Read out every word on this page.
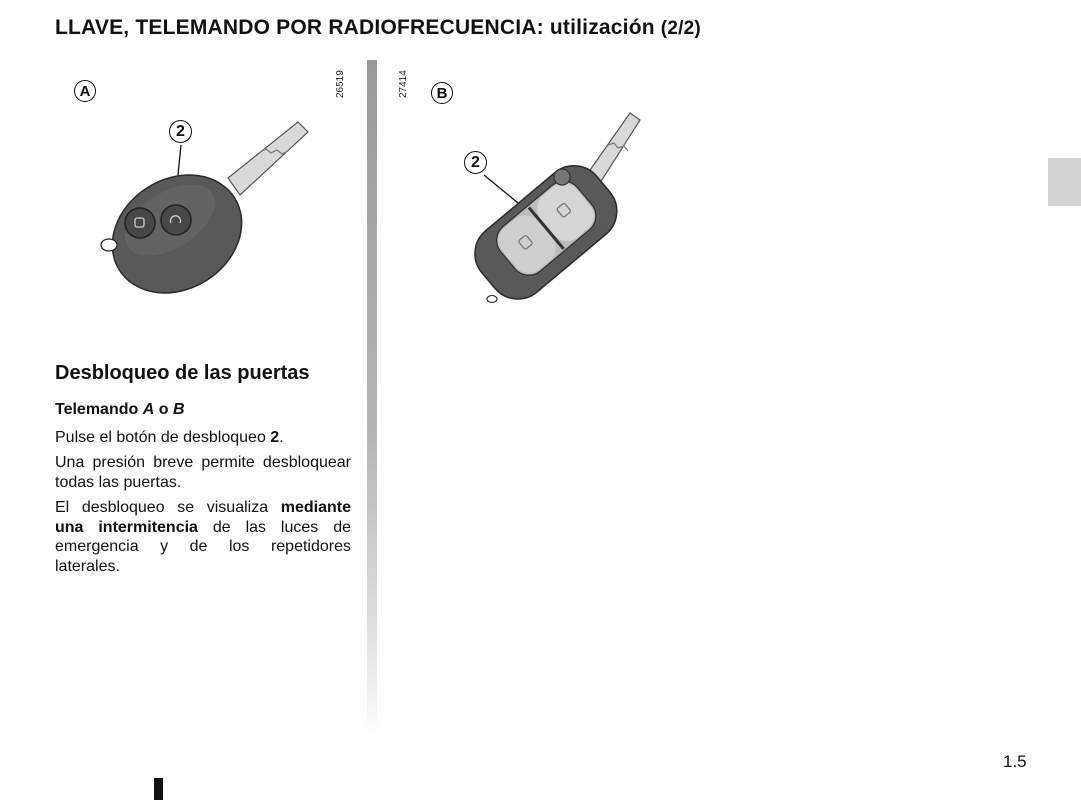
LLAVE, TELEMANDO POR RADIOFRECUENCIA: utilización (2/2)
A	26519
2
27414	B
2
Desbloqueo de las puertas

Telemando A o B

Pulse el botón de desbloqueo 2.

Una presión breve permite desbloquear todas las puertas.

El desbloqueo se visualiza mediante una intermitencia de las luces de emergencia y de los repetidores laterales.

1.5
